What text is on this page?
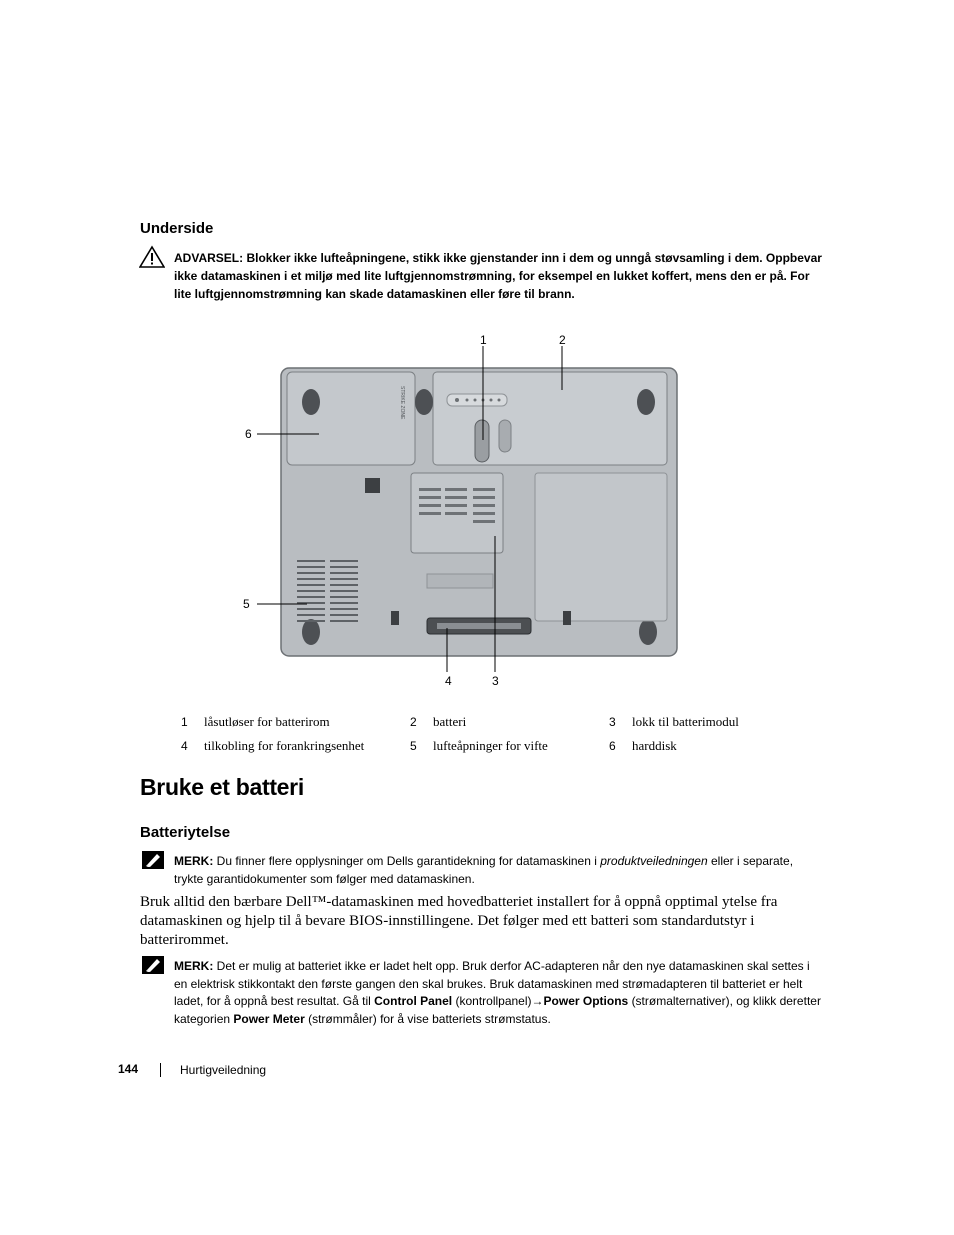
Underside
ADVARSEL: Blokker ikke lufteåpningene, stikk ikke gjenstander inn i dem og unngå støvsamling i dem. Oppbevar ikke datamaskinen i et miljø med lite luftgjennomstrømning, for eksempel en lukket koffert, mens den er på. For lite luftgjennomstrømning kan skade datamaskinen eller føre til brann.
STRIKE ZONE
1	2
3
4
5
6
1 låsutløser for batterirom	2 batteri	3 lokk til batterimodul
4 tilkobling for forankringsenhet	5 lufteåpninger for vifte	6 harddisk
Bruke et batteri
Batteriytelse
MERK: Du finner flere opplysninger om Dells garantidekning for datamaskinen i produktveiledningen eller i separate, trykte garantidokumenter som følger med datamaskinen.
Bruk alltid den bærbare Dell™-datamaskinen med hovedbatteriet installert for å oppnå opptimal ytelse fra datamaskinen og hjelp til å bevare BIOS-innstillingene. Det følger med ett batteri som standardutstyr i batterirommet.
MERK: Det er mulig at batteriet ikke er ladet helt opp. Bruk derfor AC-adapteren når den nye datamaskinen skal settes i en elektrisk stikkontakt den første gangen den skal brukes. Bruk datamaskinen med strømadapteren til batteriet er helt ladet, for å oppnå best resultat. Gå til Control Panel (kontrollpanel)→Power Options (strømalternativer), og klikk deretter kategorien Power Meter (strømmåler) for å vise batteriets strømstatus.
144	Hurtigveiledning
